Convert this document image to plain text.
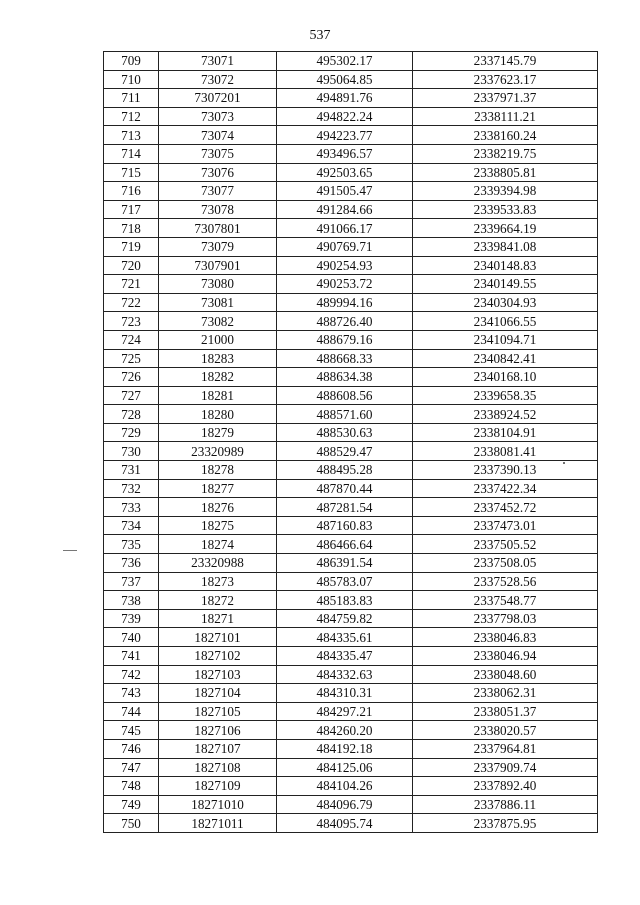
537
709	73071	495302.17	2337145.79
710	73072	495064.85	2337623.17
711	7307201	494891.76	2337971.37
712	73073	494822.24	2338111.21
713	73074	494223.77	2338160.24
714	73075	493496.57	2338219.75
715	73076	492503.65	2338805.81
716	73077	491505.47	2339394.98
717	73078	491284.66	2339533.83
718	7307801	491066.17	2339664.19
719	73079	490769.71	2339841.08
720	7307901	490254.93	2340148.83
721	73080	490253.72	2340149.55
722	73081	489994.16	2340304.93
723	73082	488726.40	2341066.55
724	21000	488679.16	2341094.71
725	18283	488668.33	2340842.41
726	18282	488634.38	2340168.10
727	18281	488608.56	2339658.35
728	18280	488571.60	2338924.52
729	18279	488530.63	2338104.91
730	23320989	488529.47	2338081.41
731	18278	488495.28	2337390.13
732	18277	487870.44	2337422.34
733	18276	487281.54	2337452.72
734	18275	487160.83	2337473.01
735	18274	486466.64	2337505.52
736	23320988	486391.54	2337508.05
737	18273	485783.07	2337528.56
738	18272	485183.83	2337548.77
739	18271	484759.82	2337798.03
740	1827101	484335.61	2338046.83
741	1827102	484335.47	2338046.94
742	1827103	484332.63	2338048.60
743	1827104	484310.31	2338062.31
744	1827105	484297.21	2338051.37
745	1827106	484260.20	2338020.57
746	1827107	484192.18	2337964.81
747	1827108	484125.06	2337909.74
748	1827109	484104.26	2337892.40
749	18271010	484096.79	2337886.11
750	18271011	484095.74	2337875.95
